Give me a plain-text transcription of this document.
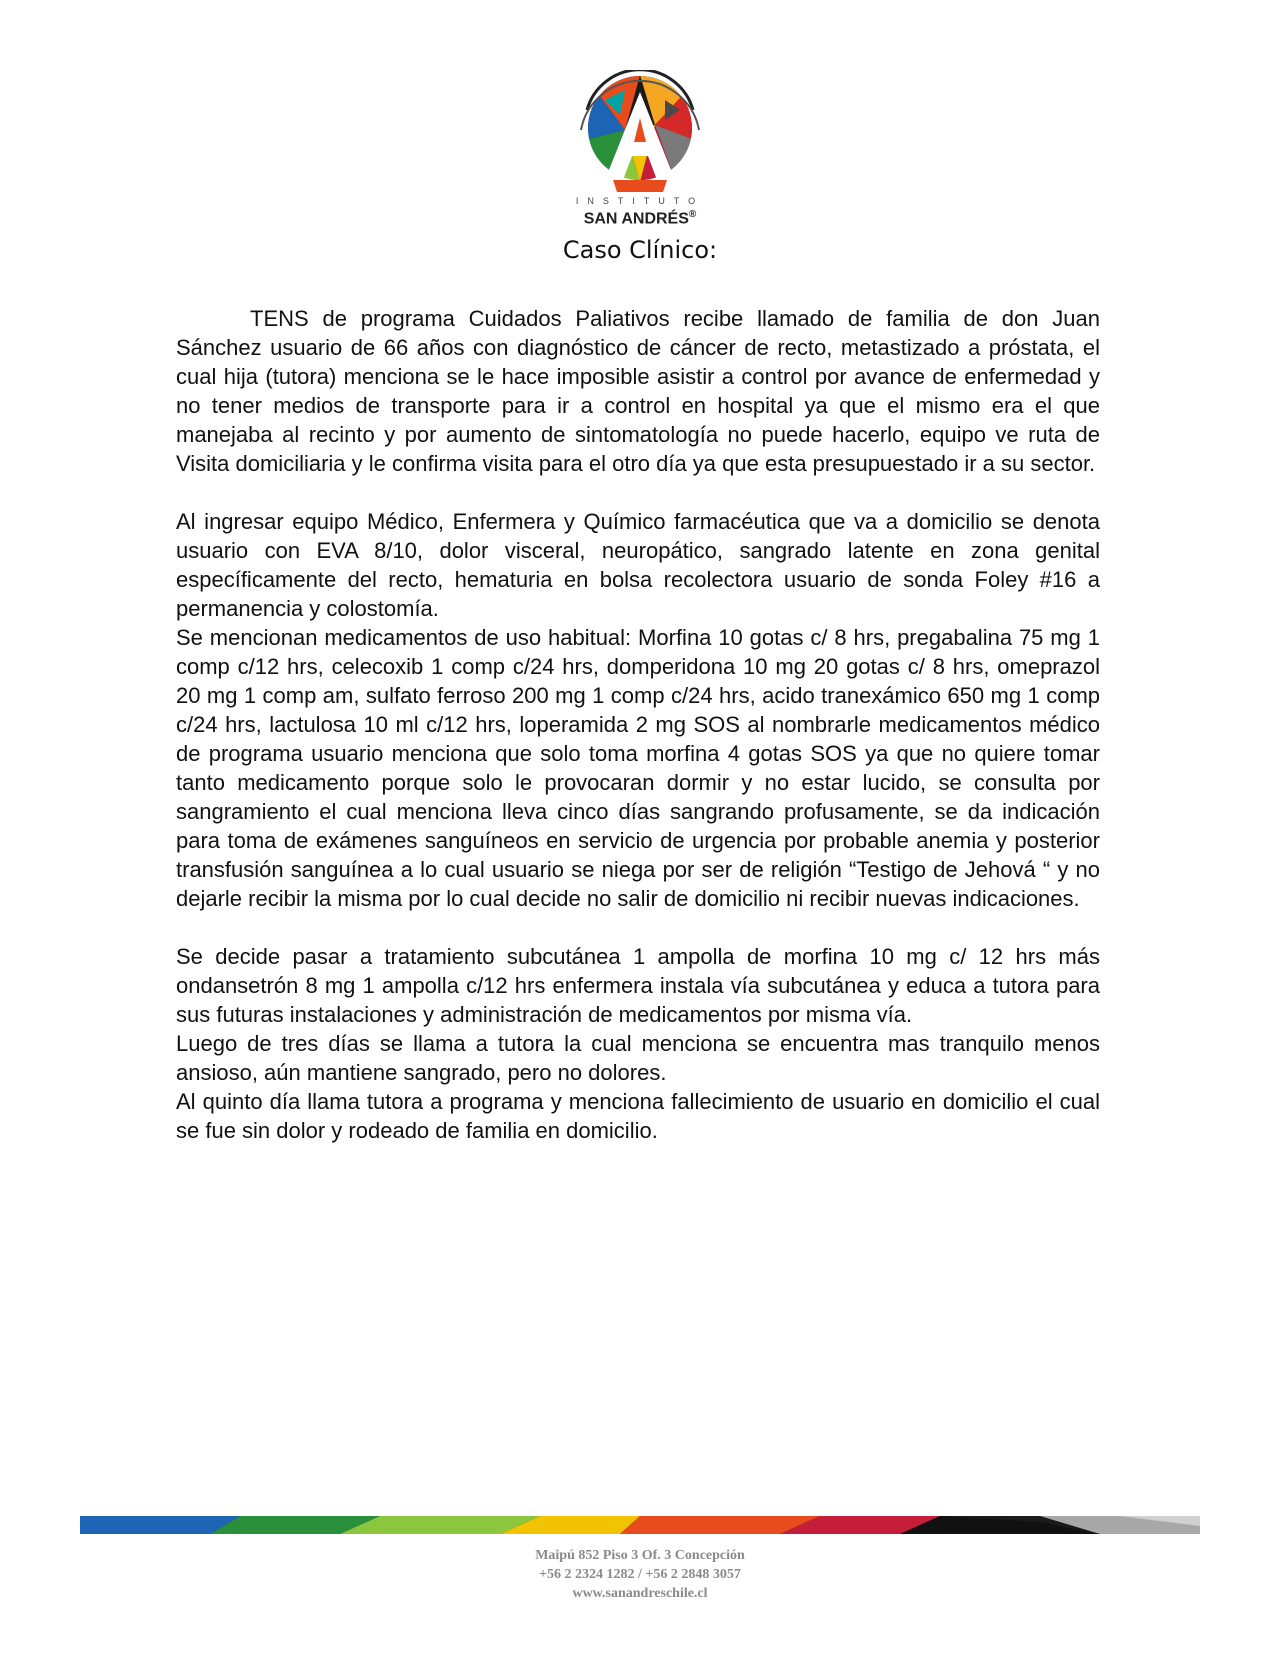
INSTITUTO
SAN ANDRÉS®
Caso Clínico:

TENS de programa Cuidados Paliativos recibe llamado de familia de don Juan Sánchez usuario de 66 años con diagnóstico de cáncer de recto, metastizado a próstata, el cual hija (tutora) menciona se le hace imposible asistir a control por avance de enfermedad y no tener medios de transporte para ir a control en hospital ya que el mismo era el que manejaba al recinto y por aumento de sintomatología no puede hacerlo, equipo ve ruta de Visita domiciliaria y le confirma visita para el otro día ya que esta presupuestado ir a su sector.

Al ingresar equipo Médico, Enfermera y Químico farmacéutica que va a domicilio se denota usuario con EVA 8/10, dolor visceral, neuropático, sangrado latente en zona genital específicamente del recto, hematuria en bolsa recolectora usuario de sonda Foley #16 a permanencia y colostomía.

Se mencionan medicamentos de uso habitual: Morfina 10 gotas c/ 8 hrs, pregabalina 75 mg 1 comp c/12 hrs, celecoxib 1 comp c/24 hrs, domperidona 10 mg 20 gotas c/ 8 hrs, omeprazol 20 mg 1 comp am, sulfato ferroso 200 mg 1 comp c/24 hrs, acido tranexámico 650 mg 1 comp c/24 hrs, lactulosa 10 ml c/12 hrs, loperamida 2 mg SOS al nombrarle medicamentos médico de programa usuario menciona que solo toma morfina 4 gotas SOS ya que no quiere tomar tanto medicamento porque solo le provocaran dormir y no estar lucido, se consulta por sangramiento el cual menciona lleva cinco días sangrando profusamente, se da indicación para toma de exámenes sanguíneos en servicio de urgencia por probable anemia y posterior transfusión sanguínea a lo cual usuario se niega por ser de religión “Testigo de Jehová “ y no dejarle recibir la misma por lo cual decide no salir de domicilio ni recibir nuevas indicaciones.

Se decide pasar a tratamiento subcutánea 1 ampolla de morfina 10 mg c/ 12 hrs más ondansetrón 8 mg 1 ampolla c/12 hrs enfermera instala vía subcutánea y educa a tutora para sus futuras instalaciones y administración de medicamentos por misma vía.

Luego de tres días se llama a tutora la cual menciona se encuentra mas tranquilo menos ansioso, aún mantiene sangrado, pero no dolores.

Al quinto día llama tutora a programa y menciona fallecimiento de usuario en domicilio el cual se fue sin dolor y rodeado de familia en domicilio.

Maipú 852 Piso 3 Of. 3 Concepción
+56 2 2324 1282 / +56 2 2848 3057
www.sanandreschile.cl
